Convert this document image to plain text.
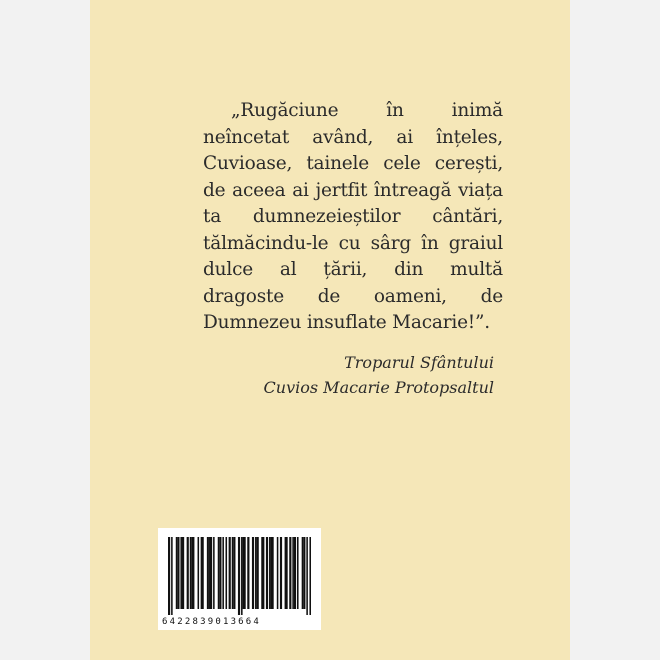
„Rugăciune în inimă neîncetat având, ai înțeles, Cuvioase, tainele cele cerești, de aceea ai jertfit întreagă viața ta dumnezeieștilor cântări, tălmăcindu-le cu sârg în graiul dulce al țării, din multă dragoste de oameni, de Dumnezeu insuflate Macarie!”.

Troparul Sfântului
Cuvios Macarie Protopsaltul
6422839013664
